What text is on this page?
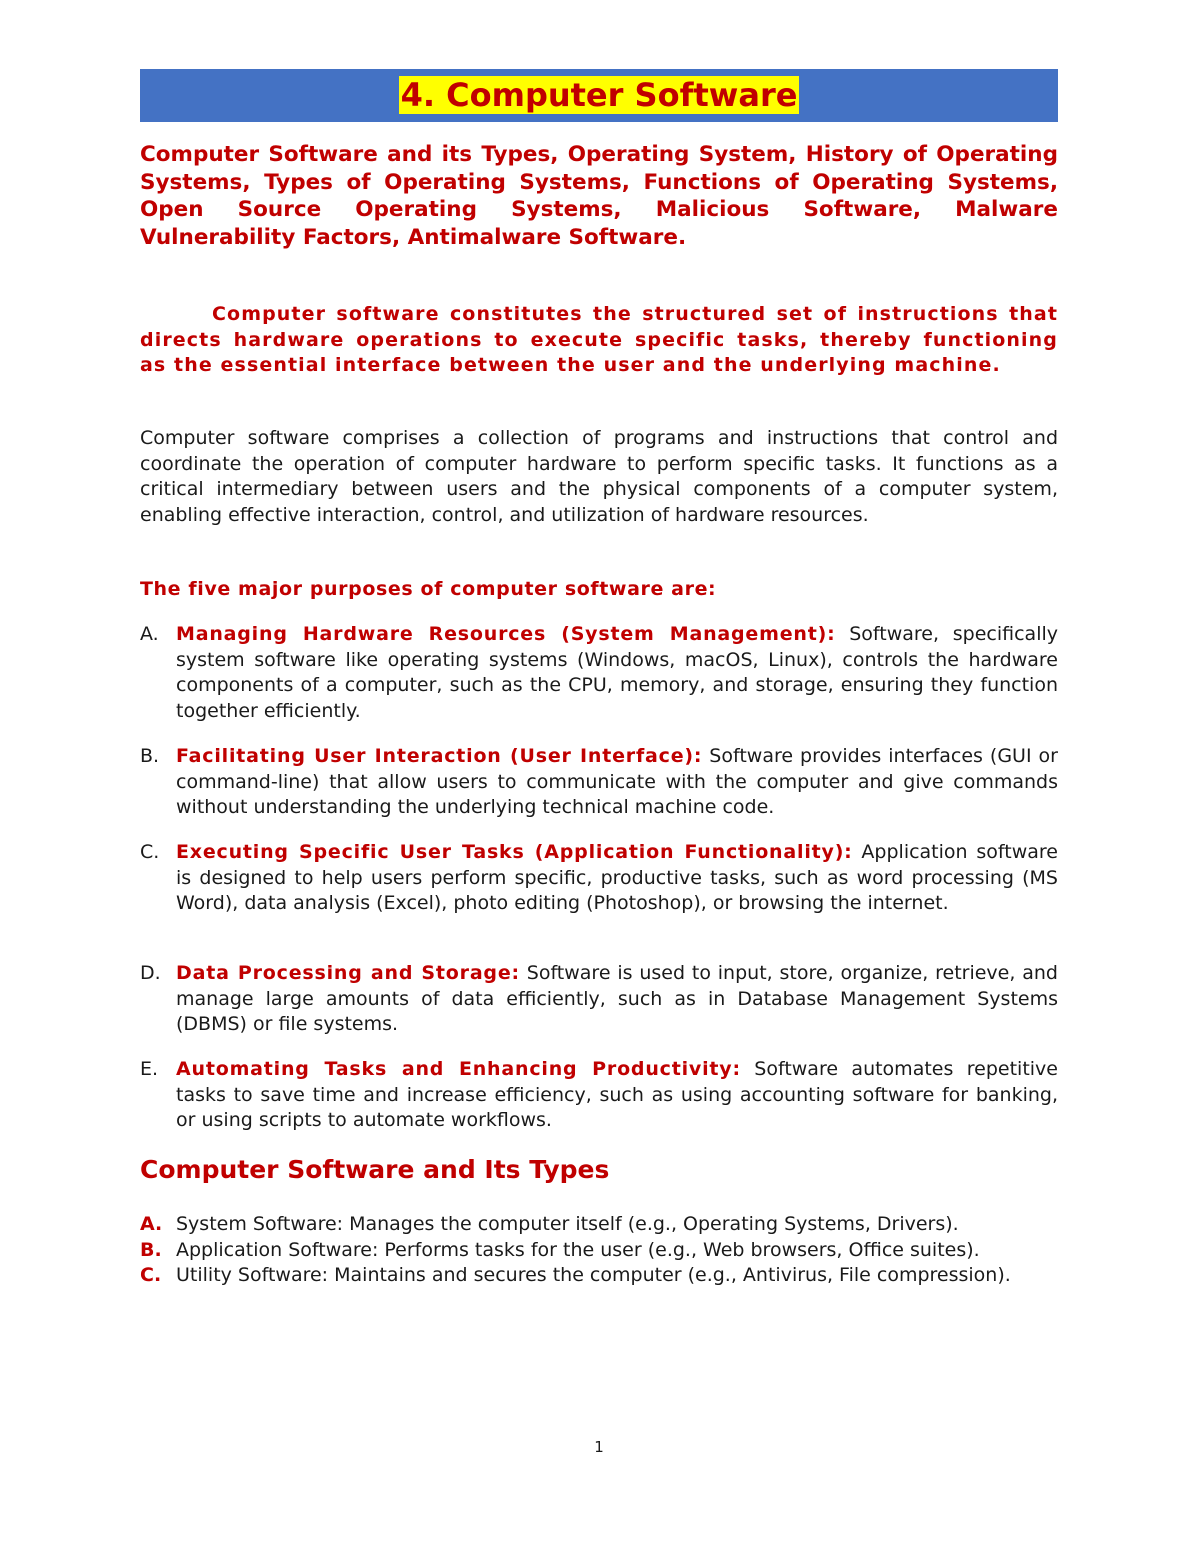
4. Computer Software
Computer Software and its Types, Operating System, History of Operating Systems, Types of Operating Systems, Functions of Operating Systems, Open Source Operating Systems, Malicious Software, Malware Vulnerability Factors, Antimalware Software.
Computer software constitutes the structured set of instructions that directs hardware operations to execute specific tasks, thereby functioning as the essential interface between the user and the underlying machine.
Computer software comprises a collection of programs and instructions that control and coordinate the operation of computer hardware to perform specific tasks. It functions as a critical intermediary between users and the physical components of a computer system, enabling effective interaction, control, and utilization of hardware resources.
The five major purposes of computer software are:
A. Managing Hardware Resources (System Management): Software, specifically system software like operating systems (Windows, macOS, Linux), controls the hardware components of a computer, such as the CPU, memory, and storage, ensuring they function together efficiently.
B. Facilitating User Interaction (User Interface): Software provides interfaces (GUI or command-line) that allow users to communicate with the computer and give commands without understanding the underlying technical machine code.
C. Executing Specific User Tasks (Application Functionality): Application software is designed to help users perform specific, productive tasks, such as word processing (MS Word), data analysis (Excel), photo editing (Photoshop), or browsing the internet.
D. Data Processing and Storage: Software is used to input, store, organize, retrieve, and manage large amounts of data efficiently, such as in Database Management Systems (DBMS) or file systems.
E. Automating Tasks and Enhancing Productivity: Software automates repetitive tasks to save time and increase efficiency, such as using accounting software for banking, or using scripts to automate workflows.
Computer Software and Its Types
A. System Software: Manages the computer itself (e.g., Operating Systems, Drivers).
B. Application Software: Performs tasks for the user (e.g., Web browsers, Office suites).
C. Utility Software: Maintains and secures the computer (e.g., Antivirus, File compression).
1
